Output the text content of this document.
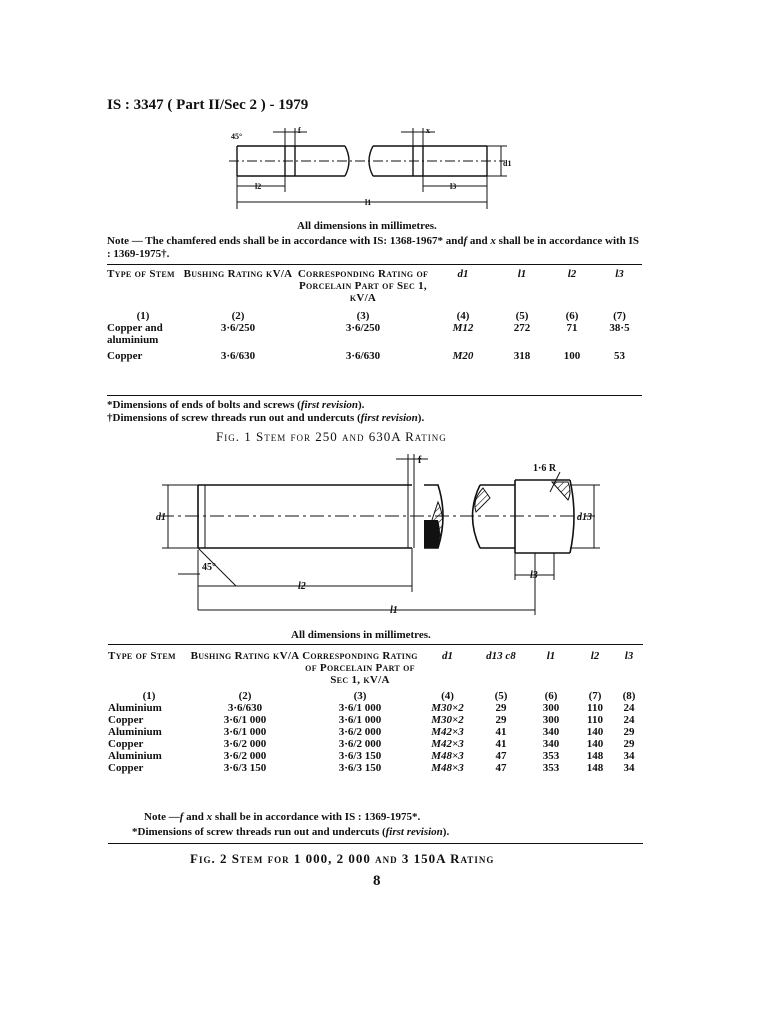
IS : 3347 ( Part II/Sec 2 ) - 1979
45°
f	x
d1
l2	l3
l1
All dimensions in millimetres.
Note — The chamfered ends shall be in accordance with IS: 1368-1967* andf and x shall be in accordance with IS : 1369-1975†.
Type of Stem	Bushing Rating kV/A	Corresponding Rating of Porcelain Part of Sec 1, kV/A	d1	l1	l2	l3
(1)	(2)	(3)	(4)	(5)	(6)	(7)
Copper and aluminium	3·6/250	3·6/250	M12	272	71	38·5
Copper	3·6/630	3·6/630	M20	318	100	53
*Dimensions of ends of bolts and screws (first revision).
†Dimensions of screw threads run out and undercuts (first revision).
Fig. 1 Stem for 250 and 630A Rating
1·6 R
f
d1	d13
45°
l2
l1
l3
All dimensions in millimetres.
Type of Stem	Bushing Rating kV/A	Corresponding Rating of Porcelain Part of Sec 1, kV/A	d1	d13 c8	l1	l2	l3
(1)	(2)	(3)	(4)	(5)	(6)	(7)	(8)
Aluminium	3·6/630	3·6/1 000	M30×2	29	300	110	24
Copper	3·6/1 000	3·6/1 000	M30×2	29	300	110	24
Aluminium	3·6/1 000	3·6/2 000	M42×3	41	340	140	29
Copper	3·6/2 000	3·6/2 000	M42×3	41	340	140	29
Aluminium	3·6/2 000	3·6/3 150	M48×3	47	353	148	34
Copper	3·6/3 150	3·6/3 150	M48×3	47	353	148	34
Note —f and x shall be in accordance with IS : 1369-1975*.
*Dimensions of screw threads run out and undercuts (first revision).
Fig. 2 Stem for 1 000, 2 000 and 3 150A Rating
8
